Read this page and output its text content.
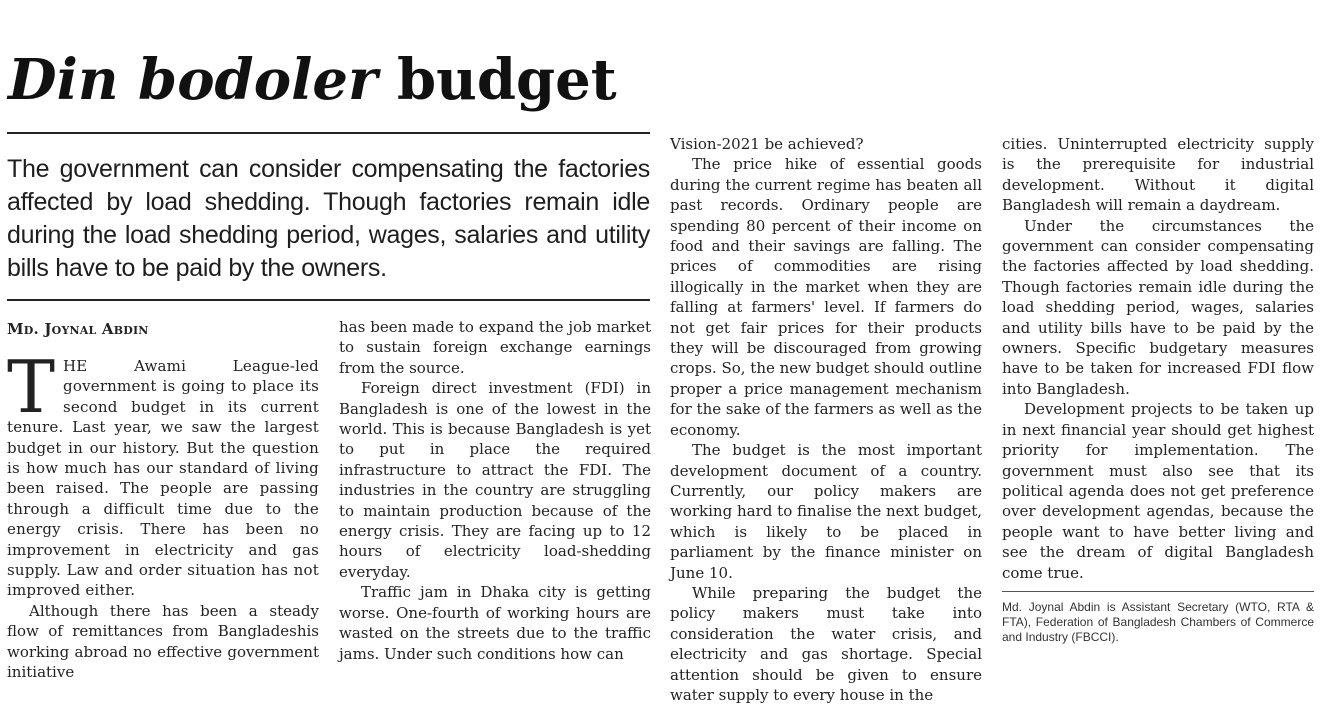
Din bodoler budget
The government can consider compensating the factories affected by load shedding. Though factories remain idle during the load shedding period, wages, salaries and utility bills have to be paid by the owners.
Md. Joynal Abdin
T HE Awami League-led government is going to place its second budget in its current tenure. Last year, we saw the largest budget in our history. But the question is how much has our standard of living been raised. The people are passing through a difficult time due to the energy crisis. There has been no improvement in electricity and gas supply. Law and order situation has not improved either.

Although there has been a steady flow of remittances from Bangladeshis working abroad no effective government initiative

has been made to expand the job market to sustain foreign exchange earnings from the source.

Foreign direct investment (FDI) in Bangladesh is one of the lowest in the world. This is because Bangladesh is yet to put in place the required infrastructure to attract the FDI. The industries in the country are struggling to maintain production because of the energy crisis. They are facing up to 12 hours of electricity load-shedding everyday.

Traffic jam in Dhaka city is getting worse. One-fourth of working hours are wasted on the streets due to the traffic jams. Under such conditions how can

Vision-2021 be achieved?

The price hike of essential goods during the current regime has beaten all past records. Ordinary people are spending 80 percent of their income on food and their savings are falling. The prices of commodities are rising illogically in the market when they are falling at farmers' level. If farmers do not get fair prices for their products they will be discouraged from growing crops. So, the new budget should outline proper a price management mechanism for the sake of the farmers as well as the economy.

The budget is the most important development document of a country. Currently, our policy makers are working hard to finalise the next budget, which is likely to be placed in parliament by the finance minister on June 10.

While preparing the budget the policy makers must take into consideration the water crisis, and electricity and gas shortage. Special attention should be given to ensure water supply to every house in the

cities. Uninterrupted electricity supply is the prerequisite for industrial development. Without it digital Bangladesh will remain a daydream.

Under the circumstances the government can consider compensating the factories affected by load shedding. Though factories remain idle during the load shedding period, wages, salaries and utility bills have to be paid by the owners. Specific budgetary measures have to be taken for increased FDI flow into Bangladesh.

Development projects to be taken up in next financial year should get highest priority for implementation. The government must also see that its political agenda does not get preference over development agendas, because the people want to have better living and see the dream of digital Bangladesh come true.

Md. Joynal Abdin is Assistant Secretary (WTO, RTA & FTA), Federation of Bangladesh Chambers of Commerce and Industry (FBCCI).
